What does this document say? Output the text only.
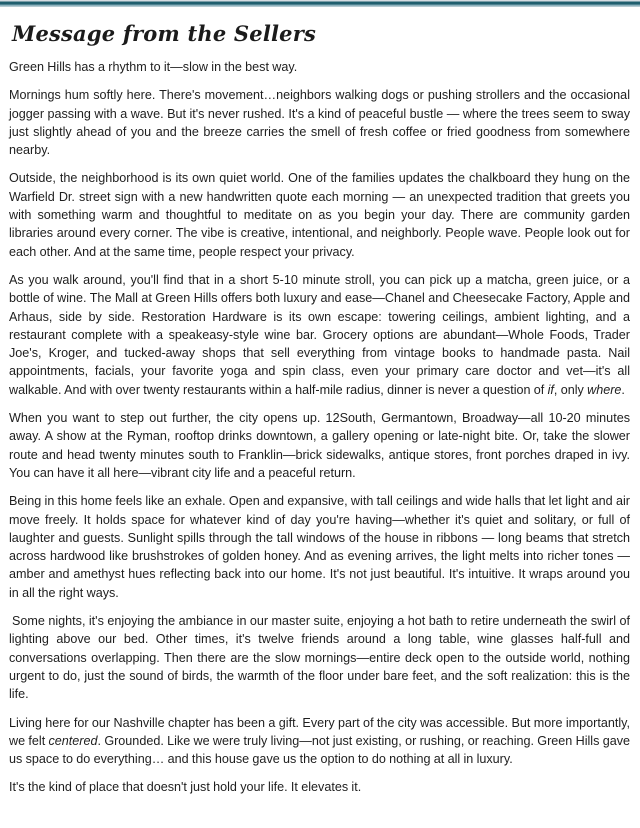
Message from the Sellers

Green Hills has a rhythm to it—slow in the best way.

Mornings hum softly here. There's movement…neighbors walking dogs or pushing strollers and the occasional jogger passing with a wave. But it's never rushed. It's a kind of peaceful bustle — where the trees seem to sway just slightly ahead of you and the breeze carries the smell of fresh coffee or fried goodness from somewhere nearby.

Outside, the neighborhood is its own quiet world. One of the families updates the chalkboard they hung on the Warfield Dr. street sign with a new handwritten quote each morning — an unexpected tradition that greets you with something warm and thoughtful to meditate on as you begin your day. There are community garden libraries around every corner. The vibe is creative, intentional, and neighborly. People wave. People look out for each other. And at the same time, people respect your privacy.

As you walk around, you'll find that in a short 5-10 minute stroll, you can pick up a matcha, green juice, or a bottle of wine. The Mall at Green Hills offers both luxury and ease—Chanel and Cheesecake Factory, Apple and Arhaus, side by side. Restoration Hardware is its own escape: towering ceilings, ambient lighting, and a restaurant complete with a speakeasy-style wine bar. Grocery options are abundant—Whole Foods, Trader Joe's, Kroger, and tucked-away shops that sell everything from vintage books to handmade pasta. Nail appointments, facials, your favorite yoga and spin class, even your primary care doctor and vet—it's all walkable. And with over twenty restaurants within a half-mile radius, dinner is never a question of if, only where.

When you want to step out further, the city opens up. 12South, Germantown, Broadway—all 10-20 minutes away. A show at the Ryman, rooftop drinks downtown, a gallery opening or late-night bite. Or, take the slower route and head twenty minutes south to Franklin—brick sidewalks, antique stores, front porches draped in ivy. You can have it all here—vibrant city life and a peaceful return.

Being in this home feels like an exhale. Open and expansive, with tall ceilings and wide halls that let light and air move freely. It holds space for whatever kind of day you're having—whether it's quiet and solitary, or full of laughter and guests. Sunlight spills through the tall windows of the house in ribbons — long beams that stretch across hardwood like brushstrokes of golden honey. And as evening arrives, the light melts into richer tones — amber and amethyst hues reflecting back into our home. It's not just beautiful. It's intuitive. It wraps around you in all the right ways.

Some nights, it's enjoying the ambiance in our master suite, enjoying a hot bath to retire underneath the swirl of lighting above our bed. Other times, it's twelve friends around a long table, wine glasses half-full and conversations overlapping. Then there are the slow mornings—entire deck open to the outside world, nothing urgent to do, just the sound of birds, the warmth of the floor under bare feet, and the soft realization: this is the life.

Living here for our Nashville chapter has been a gift. Every part of the city was accessible. But more importantly, we felt centered. Grounded. Like we were truly living—not just existing, or rushing, or reaching. Green Hills gave us space to do everything… and this house gave us the option to do nothing at all in luxury.

It's the kind of place that doesn't just hold your life. It elevates it.
